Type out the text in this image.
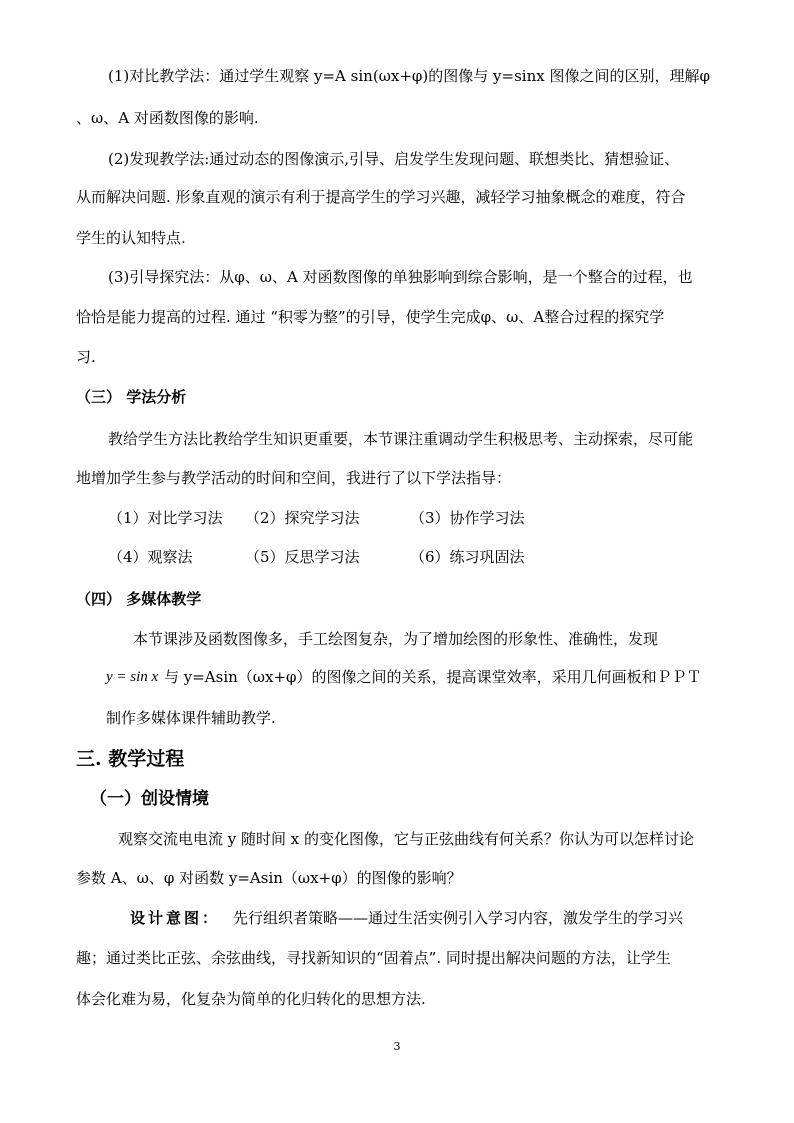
(1)对比教学法：通过学生观察 y=A sin(ωx+φ)的图像与 y=sinx 图像之间的区别，理解φ
、ω、A 对函数图像的影响.
(2)发现教学法:通过动态的图像演示,引导、启发学生发现问题、联想类比、猜想验证、
从而解决问题. 形象直观的演示有利于提高学生的学习兴趣，减轻学习抽象概念的难度，符合
学生的认知特点.
(3)引导探究法：从φ、ω、A 对函数图像的单独影响到综合影响，是一个整合的过程，也
恰恰是能力提高的过程. 通过 “积零为整”的引导，使学生完成φ、ω、A整合过程的探究学
习.
（三） 学法分析
教给学生方法比教给学生知识更重要，本节课注重调动学生积极思考、主动探索，尽可能
地增加学生参与教学活动的时间和空间，我进行了以下学法指导：
（1）对比学习法 （2）探究学习法	（3）协作学习法
（4）观察法	（5）反思学习法	（6）练习巩固法
（四） 多媒体教学
本节课涉及函数图像多，手工绘图复杂，为了增加绘图的形象性、准确性，发现
y = sin x 与 y=Asin（ωx+φ）的图像之间的关系，提高课堂效率，采用几何画板和ＰＰＴ
制作多媒体课件辅助教学.
三. 教学过程
（一）创设情境
观察交流电电流 y 随时间 x 的变化图像，它与正弦曲线有何关系？你认为可以怎样讨论
参数 A、ω、φ 对函数 y=Asin（ωx+φ）的图像的影响？
设计意图： 先行组织者策略——通过生活实例引入学习内容，激发学生的学习兴
趣；通过类比正弦、余弦曲线，寻找新知识的“固着点”. 同时提出解决问题的方法，让学生
体会化难为易，化复杂为简单的化归转化的思想方法.
3
